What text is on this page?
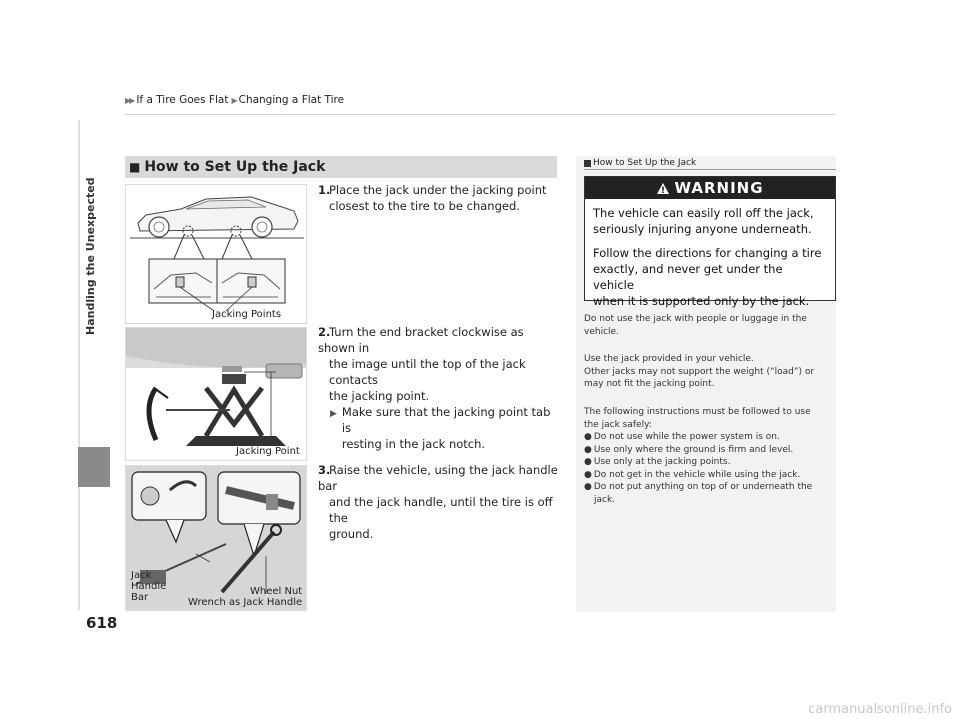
▶▶ If a Tire Goes Flat ▶ Changing a Flat Tire
Handling the Unexpected
618
■ How to Set Up the Jack
Jacking Points
Jacking Point
Jack
Handle
Bar
Wheel Nut
Wrench as Jack Handle
1.Place the jack under the jacking point
closest to the tire to be changed.
2.Turn the end bracket clockwise as shown in
the image until the top of the jack contacts
the jacking point.
▶ Make sure that the jacking point tab is
resting in the jack notch.
3.Raise the vehicle, using the jack handle bar
and the jack handle, until the tire is off the
ground.
How to Set Up the Jack
WARNING

The vehicle can easily roll off the jack,
seriously injuring anyone underneath.

Follow the directions for changing a tire
exactly, and never get under the vehicle
when it is supported only by the jack.

Do not use the jack with people or luggage in the
vehicle.
Use the jack provided in your vehicle.
Other jacks may not support the weight (“load”) or
may not fit the jacking point.
The following instructions must be followed to use
the jack safely:
● Do not use while the power system is on.
● Use only where the ground is firm and level.
● Use only at the jacking points.
● Do not get in the vehicle while using the jack.
● Do not put anything on top of or underneath the
jack.
carmanualsonline.info
